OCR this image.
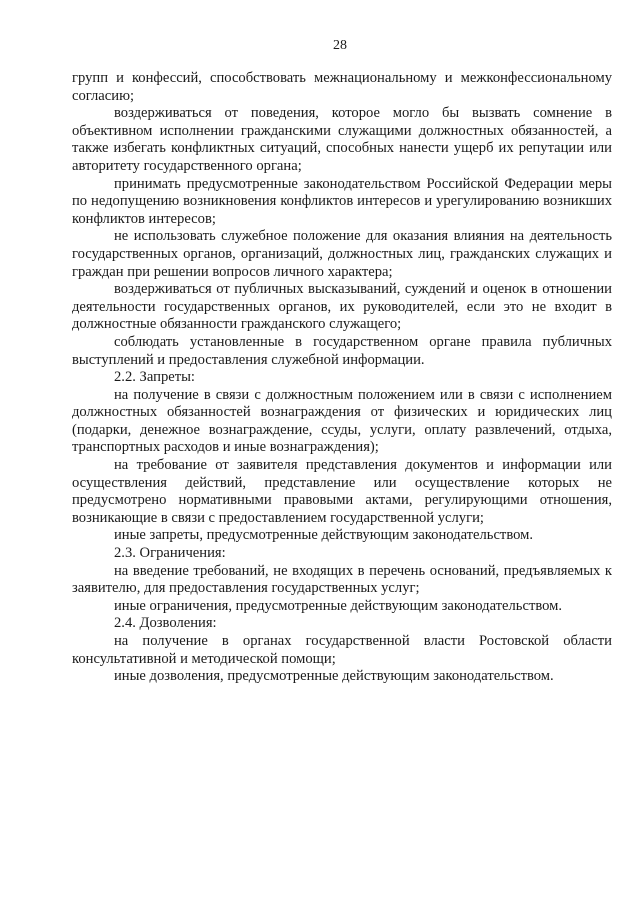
28

групп и конфессий, способствовать межнациональному и межконфессиональному согласию;

воздерживаться от поведения, которое могло бы вызвать сомнение в объективном исполнении гражданскими служащими должностных обязанностей, а также избегать конфликтных ситуаций, способных нанести ущерб их репутации или авторитету государственного органа;

принимать предусмотренные законодательством Российской Федерации меры по недопущению возникновения конфликтов интересов и урегулированию возникших конфликтов интересов;

не использовать служебное положение для оказания влияния на деятельность государственных органов, организаций, должностных лиц, гражданских служащих и граждан при решении вопросов личного характера;

воздерживаться от публичных высказываний, суждений и оценок в отношении деятельности государственных органов, их руководителей, если это не входит в должностные обязанности гражданского служащего;

соблюдать установленные в государственном органе правила публичных выступлений и предоставления служебной информации.

2.2. Запреты:

на получение в связи с должностным положением или в связи с исполнением должностных обязанностей вознаграждения от физических и юридических лиц (подарки, денежное вознаграждение, ссуды, услуги, оплату развлечений, отдыха, транспортных расходов и иные вознаграждения);

на требование от заявителя представления документов и информации или осуществления действий, представление или осуществление которых не предусмотрено нормативными правовыми актами, регулирующими отношения, возникающие в связи с предоставлением государственной услуги;

иные запреты, предусмотренные действующим законодательством.

2.3. Ограничения:

на введение требований, не входящих в перечень оснований, предъявляемых к заявителю, для предоставления государственных услуг;

иные ограничения, предусмотренные действующим законодательством.

2.4. Дозволения:

на получение в органах государственной власти Ростовской области консультативной и методической помощи;

иные дозволения, предусмотренные действующим законодательством.
